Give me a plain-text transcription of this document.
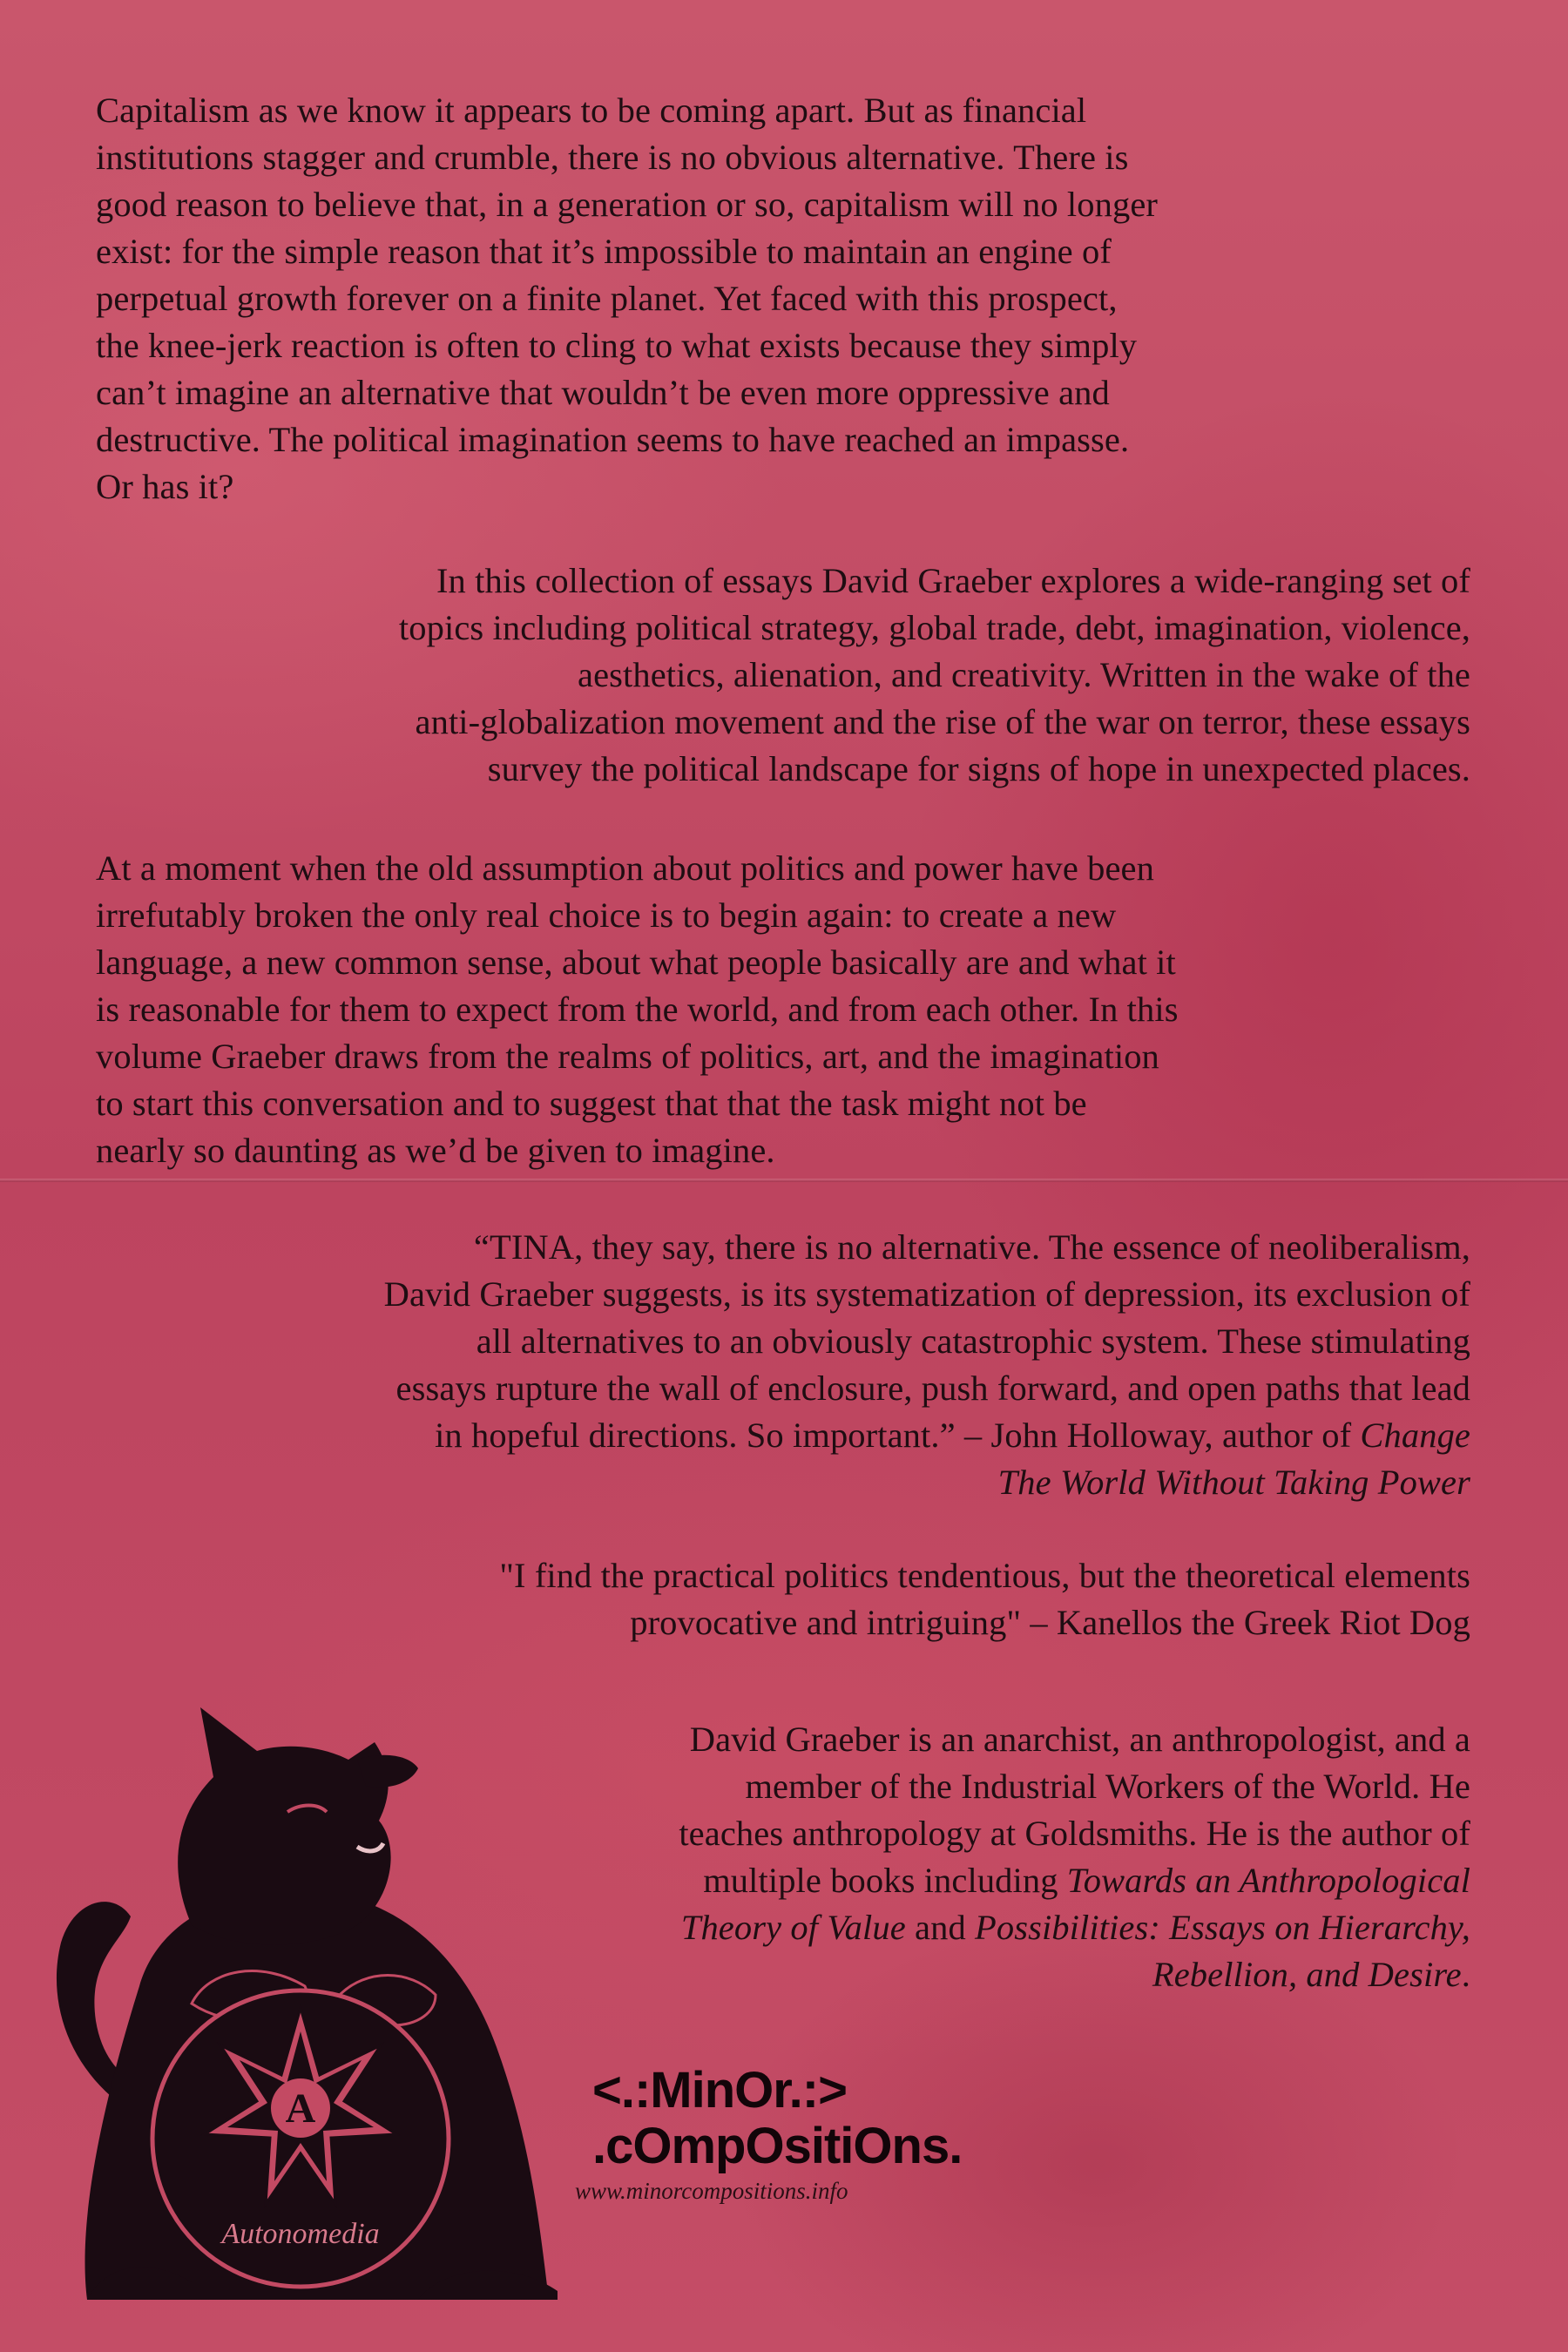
Capitalism as we know it appears to be coming apart. But as financial
institutions stagger and crumble, there is no obvious alternative. There is
good reason to believe that, in a generation or so, capitalism will no longer
exist: for the simple reason that it’s impossible to maintain an engine of
perpetual growth forever on a finite planet. Yet faced with this prospect,
the knee-jerk reaction is often to cling to what exists because they simply
can’t imagine an alternative that wouldn’t be even more oppressive and
destructive. The political imagination seems to have reached an impasse.
Or has it?

In this collection of essays David Graeber explores a wide-ranging set of
topics including political strategy, global trade, debt, imagination, violence,
aesthetics, alienation, and creativity. Written in the wake of the
anti-globalization movement and the rise of the war on terror, these essays
survey the political landscape for signs of hope in unexpected places.

At a moment when the old assumption about politics and power have been
irrefutably broken the only real choice is to begin again: to create a new
language, a new common sense, about what people basically are and what it
is reasonable for them to expect from the world, and from each other. In this
volume Graeber draws from the realms of politics, art, and the imagination
to start this conversation and to suggest that that the task might not be
nearly so daunting as we’d be given to imagine.

“TINA, they say, there is no alternative. The essence of neoliberalism,
David Graeber suggests, is its systematization of depression, its exclusion of
all alternatives to an obviously catastrophic system. These stimulating
essays rupture the wall of enclosure, push forward, and open paths that lead
in hopeful directions. So important.” – John Holloway, author of Change
The World Without Taking Power

"I find the practical politics tendentious, but the theoretical elements
provocative and intriguing" – Kanellos the Greek Riot Dog

David Graeber is an anarchist, an anthropologist, and a
member of the Industrial Workers of the World. He
teaches anthropology at Goldsmiths. He is the author of
multiple books including Towards an Anthropological
Theory of Value and Possibilities: Essays on Hierarchy,
Rebellion, and Desire.

A
Autonomedia
<.:MinOr.:>
.cOmpOsitiOns.
www.minorcompositions.info
